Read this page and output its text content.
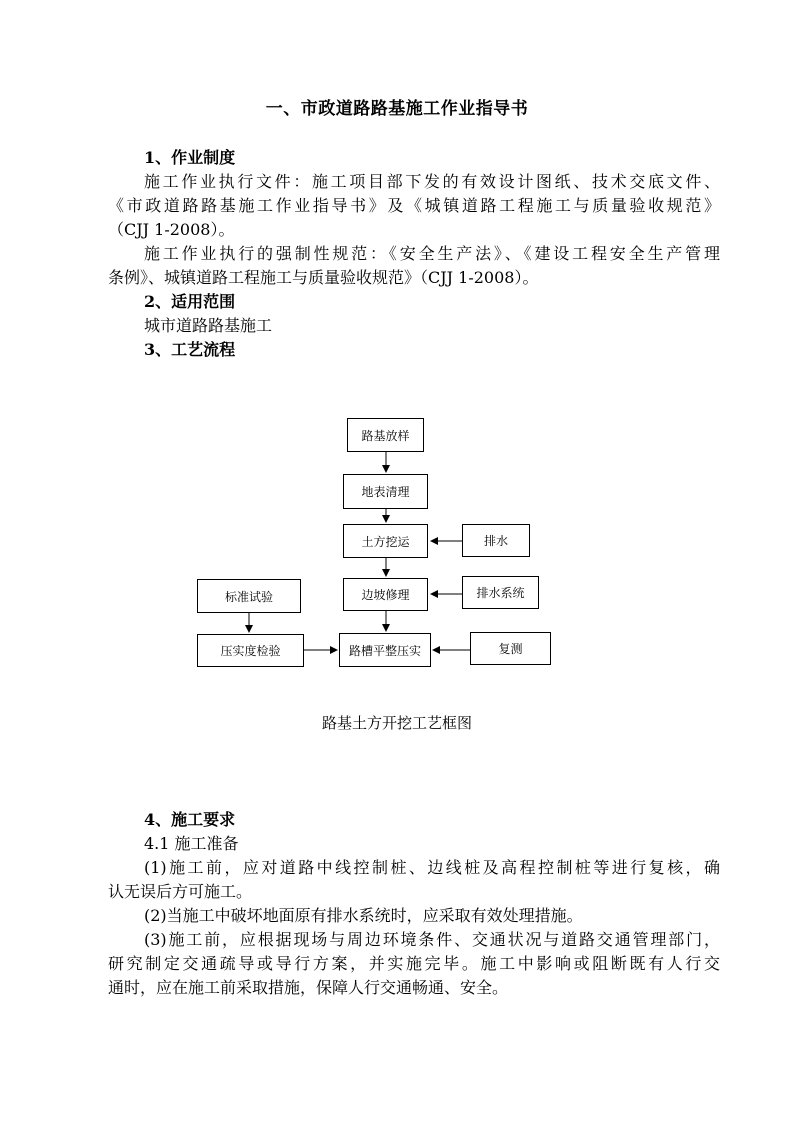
一、市政道路路基施工作业指导书
1、作业制度
施工作业执行文件：施工项目部下发的有效设计图纸、技术交底文件、
《市政道路路基施工作业指导书》及《城镇道路工程施工与质量验收规范》
（CJJ 1-2008）。
施工作业执行的强制性规范：《安全生产法》、《建设工程安全生产管理
条例》、城镇道路工程施工与质量验收规范》（CJJ 1-2008）。
2、适用范围
城市道路路基施工
3、工艺流程
路基放样
地表清理
土方挖运	排水
边坡修理	排水系统
标准试验
压实度检验	路槽平整压实	复测
路基土方开挖工艺框图
4、施工要求
4.1 施工准备
(1)施工前，应对道路中线控制桩、边线桩及高程控制桩等进行复核，确
认无误后方可施工。
(2)当施工中破坏地面原有排水系统时，应采取有效处理措施。
(3)施工前，应根据现场与周边环境条件、交通状况与道路交通管理部门，
研究制定交通疏导或导行方案，并实施完毕。施工中影响或阻断既有人行交
通时，应在施工前采取措施，保障人行交通畅通、安全。
